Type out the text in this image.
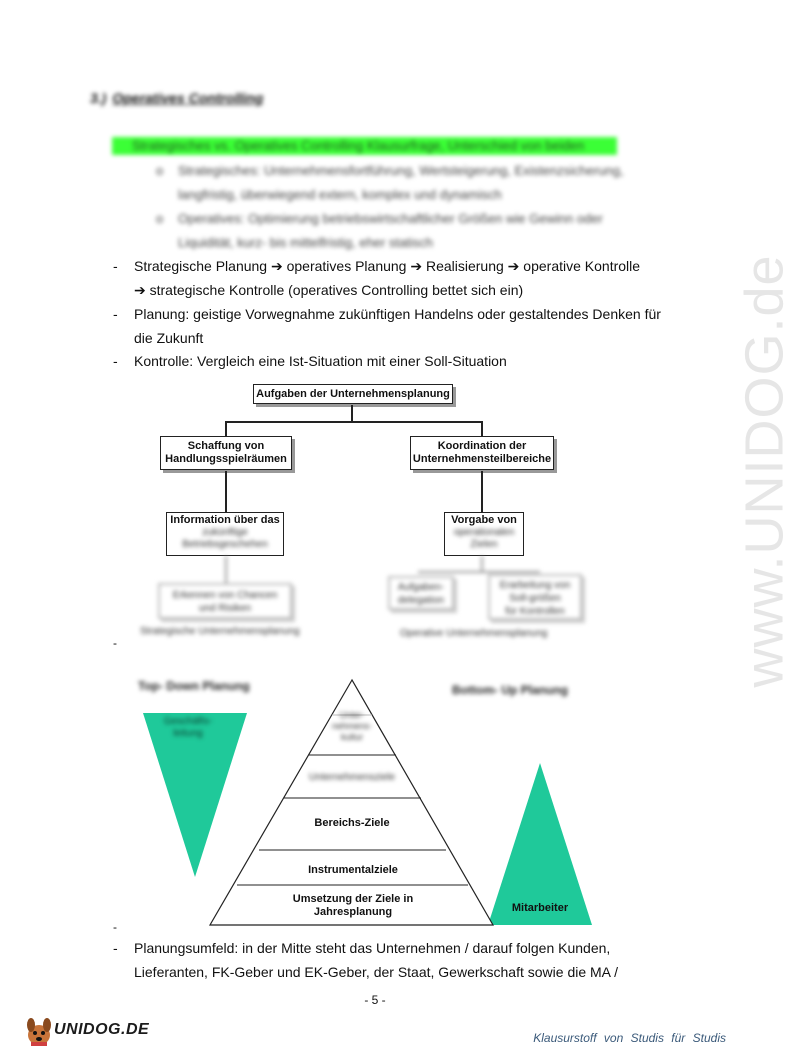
www.UNIDOG.de
3.) Operatives Controlling
Strategisches vs. Operatives Controlling Klausurfrage, Unterschied von beiden
o Strategisches: Unternehmensfortführung, Wertsteigerung, Existenzsicherung,
langfristig, überwiegend extern, komplex und dynamisch
o Operatives: Optimierung betriebswirtschaftlicher Größen wie Gewinn oder
Liquidität, kurz- bis mittelfristig, eher statisch
- Strategische Planung ➔ operatives Planung ➔ Realisierung ➔ operative Kontrolle
➔ strategische Kontrolle (operatives Controlling bettet sich ein)
- Planung: geistige Vorwegnahme zukünftigen Handelns oder gestaltendes Denken für
die Zukunft
- Kontrolle: Vergleich eine Ist-Situation mit einer Soll-Situation
Aufgaben der Unternehmensplanung
Schaffung von
Handlungsspielräumen
Koordination der
Unternehmensteilbereiche
Information über das
zukünftige
Betriebsgeschehen
Vorgabe von
operationalen
Zielen
Erkennen von Chancen
und Risiken
Strategische Unternehmensplanung
Aufgaben-
delegation
Erarbeitung von
Soll-größen
für Kontrollen
Operative Unternehmensplanung
-
Top- Down Planung	Bottom- Up Planung
Geschäfts-
leitung
Unter-
nehmens-
kultur
Unternehmensziele
Bereichs-Ziele
Instrumentalziele
Umsetzung der Ziele in
Jahresplanung	Mitarbeiter
-
- Planungsumfeld: in der Mitte steht das Unternehmen / darauf folgen Kunden,
Lieferanten, FK-Geber und EK-Geber, der Staat, Gewerkschaft sowie die MA /
- 5 -
UNIDOG.DE	Klausurstoff von Studis für Studis
